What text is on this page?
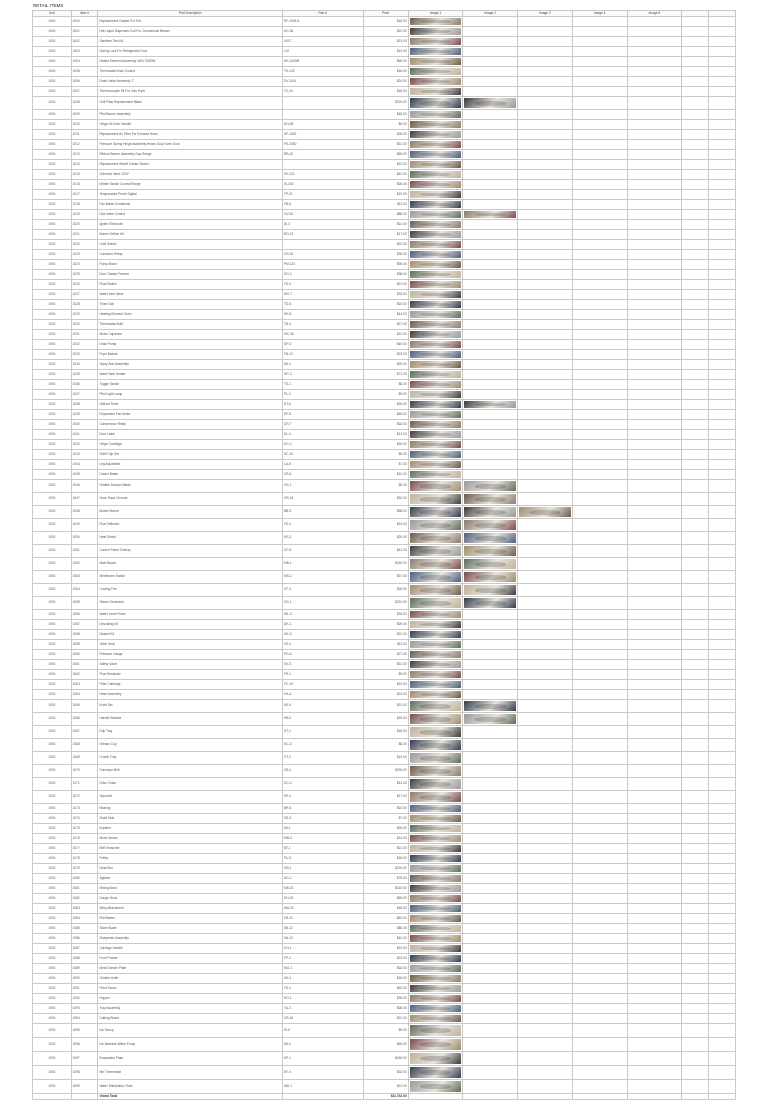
RETAIL ITEMS
Unit	Item #	Part Description	Part #	Price	Image 1	Image 2	Image 3	Image 4	Image 5		
1000	1000	Replacement Gasket For Tub	RF-1006-5	$15.00	

1000	1001	Hot Liquid Dispenser Coil For Commercial Brewer	HC-36	$22.00	

1000	1002	Sanitizer Test Kit	4017	$13.00	

1000	1003	Spring Lock For Refrigerator Door	147	$14.00	

1000	1004	Heater Element Assembly 240V 2000W	HE-2400M	$65.00	

1000	1005	Thermostat Knob Control	TK-100	$16.00	

1000	1006	Drain Valve Assembly 1"	DV-1001	$24.00	

1000	1007	Thermocouple Kit For Gas Fryer	TC-24	$18.00	

1000	1008	Grill Plate Replacement Blank		$120.00	

1000	1009	Pilot Burner Assembly		$45.00	

1000	1010	Hinge Kit Door Handle	DH-05	$9.00	

1000	1011	Replacement Air Filter For Exhaust Hood	AF-1620	$28.00	

1000	1012	Pressure Spring Hinge Assembly Heavy Duty Oven Door	PS-3300	$31.00	

1000	1013	Ribbon Burner Assembly Gas Range	RB-10	$55.00	

1000	1014	Replacement Wheel Caster Swivel		$12.00	

1000	1015	Solenoid Valve 120V	SV-120	$42.00	

1000	1016	Infinite Switch Control Range	IS-240	$26.00	

1000	1017	Temperature Probe Digital	TP-01	$19.00	

1000	1018	Fan Blade Condenser	FB-8	$11.00	

1000	1019	Gas Valve Control	GV-20	$88.00	

1000	1020	Igniter Electrode	IE-3	$14.00	

1000	1021	Burner Orifice Kit	BO-12	$17.00	

1000	1022	Limit Switch		$22.00	

1000	1023	Contactor Relay	CR-40	$36.00	

1000	1024	Pump Motor	PM-110	$95.00	

1000	1025	Door Gasket Freezer	DG-2	$38.00	

1000	1026	Float Switch	FS-9	$21.00	

1000	1027	Water Inlet Valve	WV-7	$33.00	

1000	1028	Timer Dial	TD-5	$15.00	

1000	1029	Heating Element Oven	HE-8	$44.00	

1000	1030	Thermostat Bulb	TB-3	$27.00	

1000	1031	Motor Capacitor	MC-45	$12.00	

1000	1032	Drain Pump	DP-2	$49.00	

1000	1033	Fryer Basket	FB-13	$23.00	

1000	1034	Spray Arm Assembly	SA-1	$29.00	

1000	1035	Wash Tank Heater	WT-4	$71.00	

1000	1036	Toggle Switch	TS-1	$8.00	

1000	1037	Pilot Light Lamp	PL-2	$9.00	

1000	1038	Defrost Timer	DT-6	$39.00	

1000	1039	Evaporator Fan Motor	EF-5	$46.00	

1000	1040	Compressor Relay	CR-7	$18.00	

1000	1041	Door Latch	DL-4	$13.00	

1000	1042	Hinge Cartridge	HC-2	$16.00	

1000	1043	Shelf Clip Set	SC-10	$5.00	

1000	1044	Leg Adjustable	LA-6	$7.00	

1000	1045	Caster Brake	CB-5	$10.00	

1000	1046	Griddle Scraper Blade	GS-1	$6.00	

1000	1047	Oven Rack Chrome	OR-24	$32.00	

1000	1048	Broiler Burner	BB-9	$58.00	

1000	1049	Flue Deflector	FD-2	$14.00	

1000	1050	Heat Shield	HS-3	$20.00	

1000	1051	Control Panel Overlay	CP-8	$41.00	

1000	1052	Main Board	MB-1	$150.00	

1000	1053	Membrane Switch	MS-2	$37.00	

1000	1054	Cooling Fan	CF-4	$25.00	

1000	1055	Steam Generator	SG-1	$210.00	

1000	1056	Water Level Probe	WL-3	$34.00	

1000	1057	Descaling Kit	DK-1	$29.00	

1000	1058	Gasket Kit	GK-5	$22.00	

1000	1059	Valve Seat	VS-2	$11.00	

1000	1060	Pressure Gauge	PG-6	$27.00	

1000	1061	Safety Valve	SV-3	$31.00	

1000	1062	Flow Restrictor	FR-1	$9.00	

1000	1063	Filter Cartridge	FC-10	$19.00	

1000	1064	Hose Assembly	HA-4	$24.00	

1000	1065	Knob Set	KS-6	$12.00	

1000	1066	Handle Bracket	HB-2	$15.00	

1000	1067	Drip Tray	DT-1	$18.00	

1000	1068	Grease Cup	GC-3	$8.00	

1000	1069	Crumb Tray	CT-2	$13.00	

1000	1070	Conveyor Belt	CB-1	$190.00	

1000	1071	Drive Chain	DC-4	$44.00	

1000	1072	Sprocket	SP-2	$17.00	

1000	1073	Bearing	BR-8	$10.00	

1000	1074	Shaft Seal	SS-3	$7.00	

1000	1075	Impeller	IM-1	$26.00	

1000	1076	Motor Mount	MM-2	$14.00	

1000	1077	Belt Tensioner	BT-1	$21.00	

1000	1078	Pulley	PU-3	$16.00	

1000	1079	Gear Box	GB-1	$120.00	

1000	1080	Agitator	AG-2	$75.00	

1000	1081	Mixing Bowl	MB-20	$140.00	

1000	1082	Dough Hook	DH-20	$55.00	

1000	1083	Whip Attachment	WA-20	$48.00	

1000	1084	Flat Beater	FB-20	$52.00	

1000	1085	Slicer Blade	SB-12	$85.00	

1000	1086	Sharpener Assembly	SA-12	$40.00	

1000	1087	Carriage Handle	CH-1	$19.00	

1000	1088	Food Pusher	FP-2	$23.00	

1000	1089	Meat Grinder Plate	MG-1	$18.00	

1000	1090	Grinder Knife	GK-1	$16.00	

1000	1091	Feed Screw	FS-1	$62.00	

1000	1092	Hopper	HO-1	$35.00	

1000	1093	Tray Assembly	TA-3	$28.00	

1000	1094	Cutting Board	CB-18	$22.00	

1000	1095	Ice Scoop	IS-6	$9.00	

1000	1096	Ice Machine Water Pump	IW-2	$69.00	

1000	1097	Evaporator Plate	EP-1	$180.00	

1000	1098	Bin Thermostat	BT-4	$33.00	

1000	1099	Water Distribution Tube	WD-1	$21.00	

		Grand Total		$11,742.00							
